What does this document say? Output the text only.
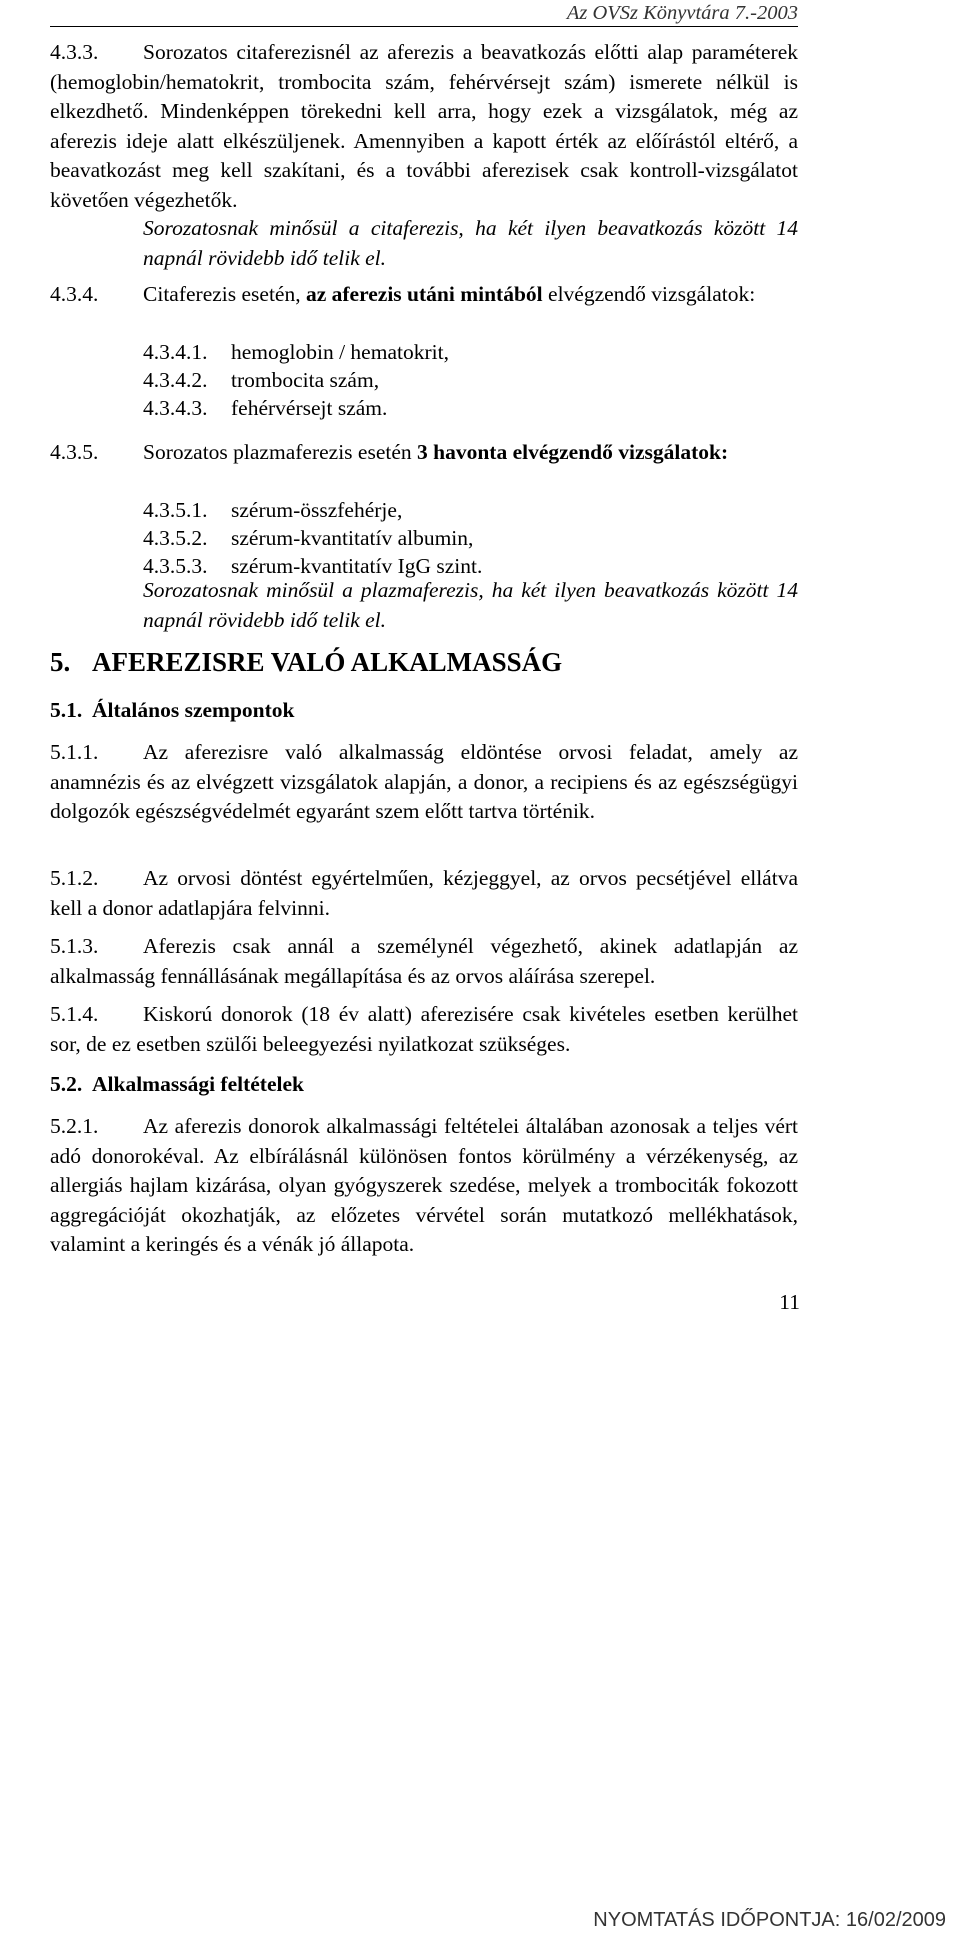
Az OVSz Könyvtára 7.-2003
4.3.3. Sorozatos citaferezisnél az aferezis a beavatkozás előtti alap paraméterek (hemoglobin/hematokrit, trombocita szám, fehérvérsejt szám) ismerete nélkül is elkezdhető. Mindenképpen törekedni kell arra, hogy ezek a vizsgálatok, még az aferezis ideje alatt elkészüljenek. Amennyiben a kapott érték az előírástól eltérő, a beavatkozást meg kell szakítani, és a további aferezisek csak kontroll-vizsgálatot követően végezhetők.
Sorozatosnak minősül a citaferezis, ha két ilyen beavatkozás között 14 napnál rövidebb idő telik el.
4.3.4. Citaferezis esetén, az aferezis utáni mintából elvégzendő vizsgálatok:
4.3.4.1. hemoglobin / hematokrit,
4.3.4.2. trombocita szám,
4.3.4.3. fehérvérsejt szám.
4.3.5. Sorozatos plazmaferezis esetén 3 havonta elvégzendő vizsgálatok:
4.3.5.1. szérum-összfehérje,
4.3.5.2. szérum-kvantitatív albumin,
4.3.5.3. szérum-kvantitatív IgG szint.
Sorozatosnak minősül a plazmaferezis, ha két ilyen beavatkozás között 14 napnál rövidebb idő telik el.
5. AFEREZISRE VALÓ ALKALMASSÁG
5.1. Általános szempontok
5.1.1. Az aferezisre való alkalmasság eldöntése orvosi feladat, amely az anamnézis és az elvégzett vizsgálatok alapján, a donor, a recipiens és az egészségügyi dolgozók egészségvédelmét egyaránt szem előtt tartva történik.
5.1.2. Az orvosi döntést egyértelműen, kézjeggyel, az orvos pecsétjével ellátva kell a donor adatlapjára felvinni.
5.1.3. Aferezis csak annál a személynél végezhető, akinek adatlapján az alkalmasság fennállásának megállapítása és az orvos aláírása szerepel.
5.1.4. Kiskorú donorok (18 év alatt) aferezisére csak kivételes esetben kerülhet sor, de ez esetben szülői beleegyezési nyilatkozat szükséges.
5.2. Alkalmassági feltételek
5.2.1. Az aferezis donorok alkalmassági feltételei általában azonosak a teljes vért adó donorokéval. Az elbírálásnál különösen fontos körülmény a vérzékenység, az allergiás hajlam kizárása, olyan gyógyszerek szedése, melyek a trombociták fokozott aggregációját okozhatják, az előzetes vérvétel során mutatkozó mellékhatások, valamint a keringés és a vénák jó állapota.
11
NYOMTATÁS IDŐPONTJA: 16/02/2009
